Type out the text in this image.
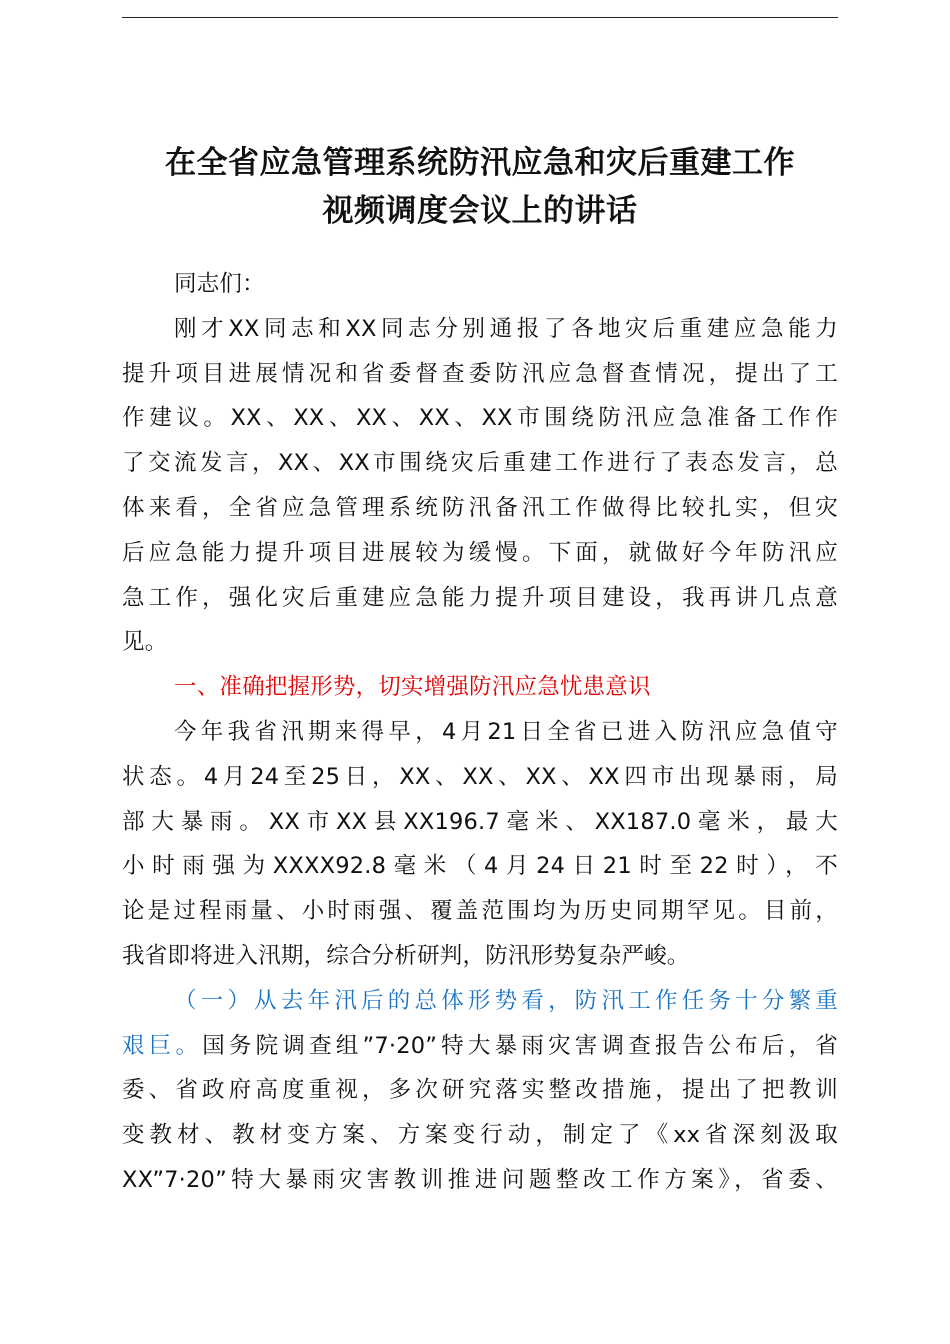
在全省应急管理系统防汛应急和灾后重建工作
视频调度会议上的讲话
同志们：
刚才XX同志和XX同志分别通报了各地灾后重建应急能力
提升项目进展情况和省委督查委防汛应急督查情况，提出了工
作建议。XX、XX、XX、XX、XX市围绕防汛应急准备工作作
了交流发言，XX、XX市围绕灾后重建工作进行了表态发言，总
体来看，全省应急管理系统防汛备汛工作做得比较扎实，但灾
后应急能力提升项目进展较为缓慢。下面，就做好今年防汛应
急工作，强化灾后重建应急能力提升项目建设，我再讲几点意
见。
一、准确把握形势，切实增强防汛应急忧患意识
今年我省汛期来得早，4月21日全省已进入防汛应急值守
状态。4月24至25日，XX、XX、XX、XX四市出现暴雨，局
部大暴雨。XX市XX县XX196.7毫米、XX187.0毫米，最大
小时雨强为XXXX92.8毫米（4月24日21时至22时），不
论是过程雨量、小时雨强、覆盖范围均为历史同期罕见。目前，
我省即将进入汛期，综合分析研判，防汛形势复杂严峻。
（一）从去年汛后的总体形势看，防汛工作任务十分繁重
艰巨。国务院调查组”7·20”特大暴雨灾害调查报告公布后，省
委、省政府高度重视，多次研究落实整改措施，提出了把教训
变教材、教材变方案、方案变行动，制定了《xx省深刻汲取
XX”7·20”特大暴雨灾害教训推进问题整改工作方案》，省委、
